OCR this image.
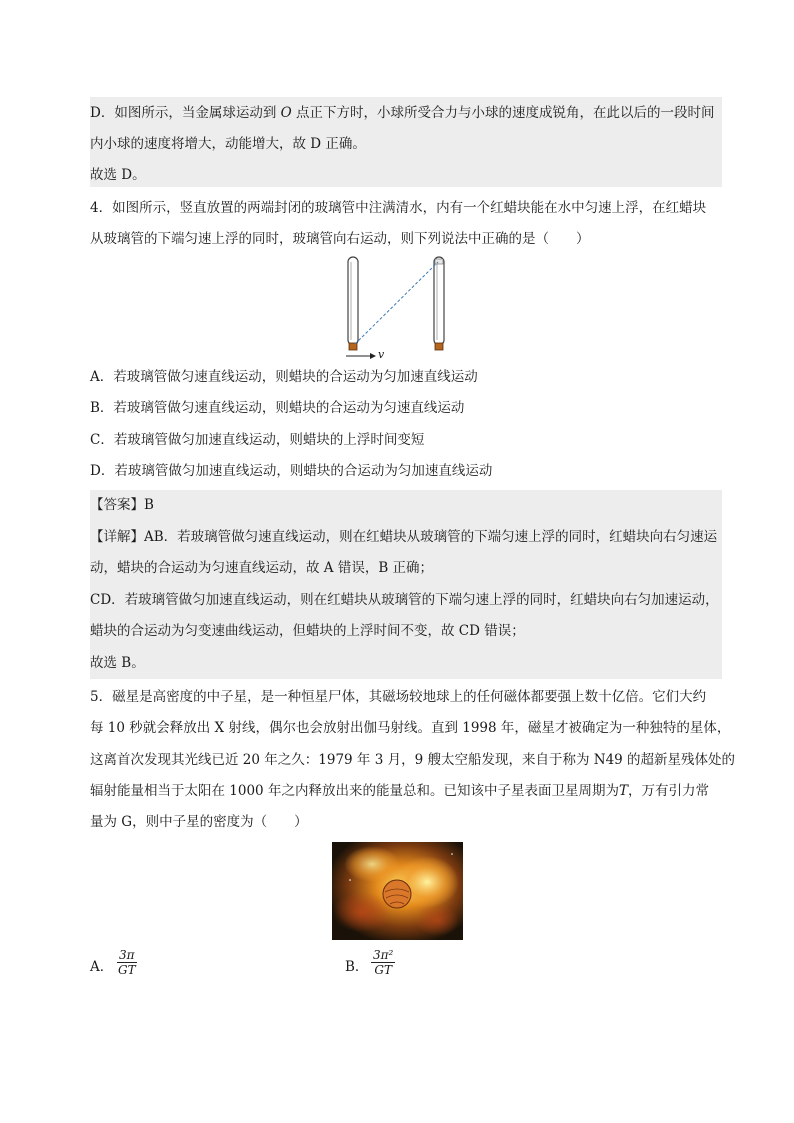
D．如图所示，当金属球运动到 O 点正下方时，小球所受合力与小球的速度成锐角，在此以后的一段时间
内小球的速度将增大，动能增大，故 D 正确。
故选 D。
4．如图所示，竖直放置的两端封闭的玻璃管中注满清水，内有一个红蜡块能在水中匀速上浮，在红蜡块
从玻璃管的下端匀速上浮的同时，玻璃管向右运动，则下列说法中正确的是（　　）
v
A．若玻璃管做匀速直线运动，则蜡块的合运动为匀加速直线运动
B．若玻璃管做匀速直线运动，则蜡块的合运动为匀速直线运动
C．若玻璃管做匀加速直线运动，则蜡块的上浮时间变短
D．若玻璃管做匀加速直线运动，则蜡块的合运动为匀加速直线运动
【答案】B
【详解】AB．若玻璃管做匀速直线运动，则在红蜡块从玻璃管的下端匀速上浮的同时，红蜡块向右匀速运
动，蜡块的合运动为匀速直线运动，故 A 错误，B 正确；
CD．若玻璃管做匀加速直线运动，则在红蜡块从玻璃管的下端匀速上浮的同时，红蜡块向右匀加速运动，
蜡块的合运动为匀变速曲线运动，但蜡块的上浮时间不变，故 CD 错误；
故选 B。
5．磁星是高密度的中子星，是一种恒星尸体，其磁场较地球上的任何磁体都要强上数十亿倍。它们大约
每 10 秒就会释放出 X 射线，偶尔也会放射出伽马射线。直到 1998 年，磁星才被确定为一种独特的星体，
这离首次发现其光线已近 20 年之久：1979 年 3 月，9 艘太空船发现，来自于称为 N49 的超新星残体处的
辐射能量相当于太阳在 1000 年之内释放出来的能量总和。已知该中子星表面卫星周期为T，万有引力常
量为 G，则中子星的密度为（　　）
A． $\frac{3\pi}{GT}$	B． $\frac{\text{3π²}}{GT}$
